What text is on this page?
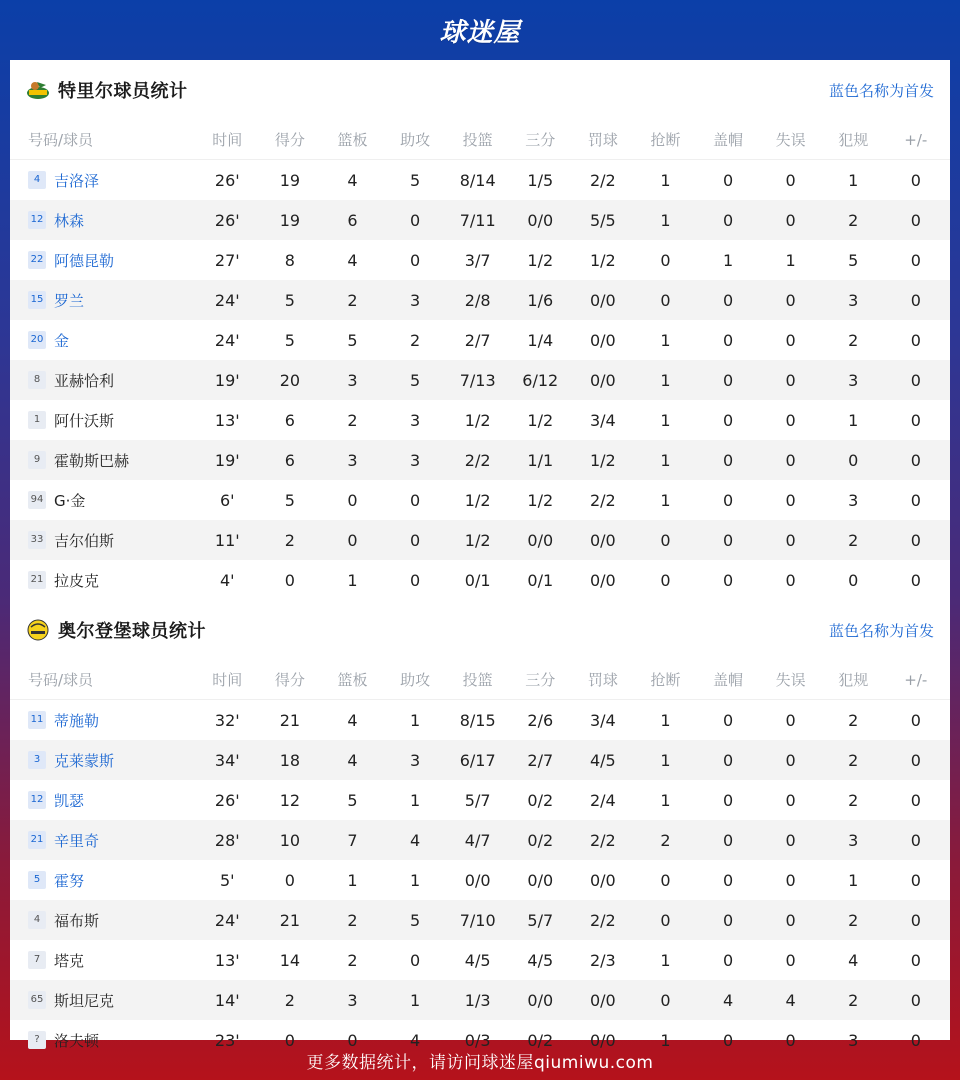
球迷屋
特里尔球员统计	蓝色名称为首发
号码/球员	时间	得分	篮板	助攻	投篮	三分	罚球	抢断	盖帽	失误	犯规	+/-
4 吉洛泽	26'	19	4	5	8/14	1/5	2/2	1	0	0	1	0
12 林森	26'	19	6	0	7/11	0/0	5/5	1	0	0	2	0
22 阿德昆勒	27'	8	4	0	3/7	1/2	1/2	0	1	1	5	0
15 罗兰	24'	5	2	3	2/8	1/6	0/0	0	0	0	3	0
20 金	24'	5	5	2	2/7	1/4	0/0	1	0	0	2	0
8 亚赫恰利	19'	20	3	5	7/13	6/12	0/0	1	0	0	3	0
1 阿什沃斯	13'	6	2	3	1/2	1/2	3/4	1	0	0	1	0
9 霍勒斯巴赫	19'	6	3	3	2/2	1/1	1/2	1	0	0	0	0
94 G·金	6'	5	0	0	1/2	1/2	2/2	1	0	0	3	0
33 吉尔伯斯	11'	2	0	0	1/2	0/0	0/0	0	0	0	2	0
21 拉皮克	4'	0	1	0	0/1	0/1	0/0	0	0	0	0	0
奥尔登堡球员统计	蓝色名称为首发
号码/球员	时间	得分	篮板	助攻	投篮	三分	罚球	抢断	盖帽	失误	犯规	+/-
11 蒂施勒	32'	21	4	1	8/15	2/6	3/4	1	0	0	2	0
3 克莱蒙斯	34'	18	4	3	6/17	2/7	4/5	1	0	0	2	0
12 凯瑟	26'	12	5	1	5/7	0/2	2/4	1	0	0	2	0
21 辛里奇	28'	10	7	4	4/7	0/2	2/2	2	0	0	3	0
5 霍努	5'	0	1	1	0/0	0/0	0/0	0	0	0	1	0
4 福布斯	24'	21	2	5	7/10	5/7	2/2	0	0	0	2	0
7 塔克	13'	14	2	0	4/5	4/5	2/3	1	0	0	4	0
65 斯坦尼克	14'	2	3	1	1/3	0/0	0/0	0	4	4	2	0
? 洛夫顿	23'	0	0	4	0/3	0/2	0/0	1	0	0	3	0
更多数据统计，请访问球迷屋qiumiwu.com
